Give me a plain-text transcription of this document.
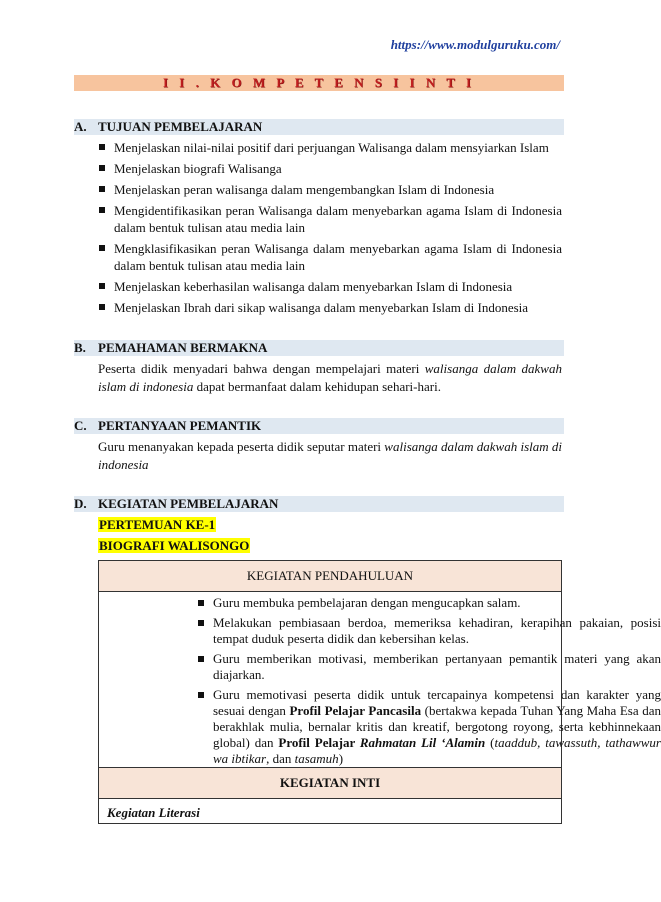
https://www.modulguruku.com/
I I . K O M P E T E N S I I N T I
A. TUJUAN PEMBELAJARAN
Menjelaskan nilai-nilai positif dari perjuangan Walisanga dalam mensyiarkan Islam
Menjelaskan biografi Walisanga
Menjelaskan peran walisanga dalam mengembangkan Islam di Indonesia
Mengidentifikasikan peran Walisanga dalam menyebarkan agama Islam di Indonesia dalam bentuk tulisan atau media lain
Mengklasifikasikan peran Walisanga dalam menyebarkan agama Islam di Indonesia dalam bentuk tulisan atau media lain
Menjelaskan keberhasilan walisanga dalam menyebarkan Islam di Indonesia
Menjelaskan Ibrah dari sikap walisanga dalam menyebarkan Islam di Indonesia
B. PEMAHAMAN BERMAKNA
Peserta didik menyadari bahwa dengan mempelajari materi walisanga dalam dakwah islam di indonesia dapat bermanfaat dalam kehidupan sehari-hari.
C. PERTANYAAN PEMANTIK
Guru menanyakan kepada peserta didik seputar materi walisanga dalam dakwah islam di indonesia
D. KEGIATAN PEMBELAJARAN
PERTEMUAN KE-1
BIOGRAFI WALISONGO
KEGIATAN PENDAHULUAN
Guru membuka pembelajaran dengan mengucapkan salam.
Melakukan pembiasaan berdoa, memeriksa kehadiran, kerapihan pakaian, posisi tempat duduk peserta didik dan kebersihan kelas.
Guru memberikan motivasi, memberikan pertanyaan pemantik materi yang akan diajarkan.
Guru memotivasi peserta didik untuk tercapainya kompetensi dan karakter yang sesuai dengan Profil Pelajar Pancasila (bertakwa kepada Tuhan Yang Maha Esa dan berakhlak mulia, bernalar kritis dan kreatif, bergotong royong, serta kebhinnekaan global) dan Profil Pelajar Rahmatan Lil ‘Alamin (taaddub, tawassuth, tathawwur wa ibtikar, dan tasamuh)
KEGIATAN INTI
Kegiatan Literasi
